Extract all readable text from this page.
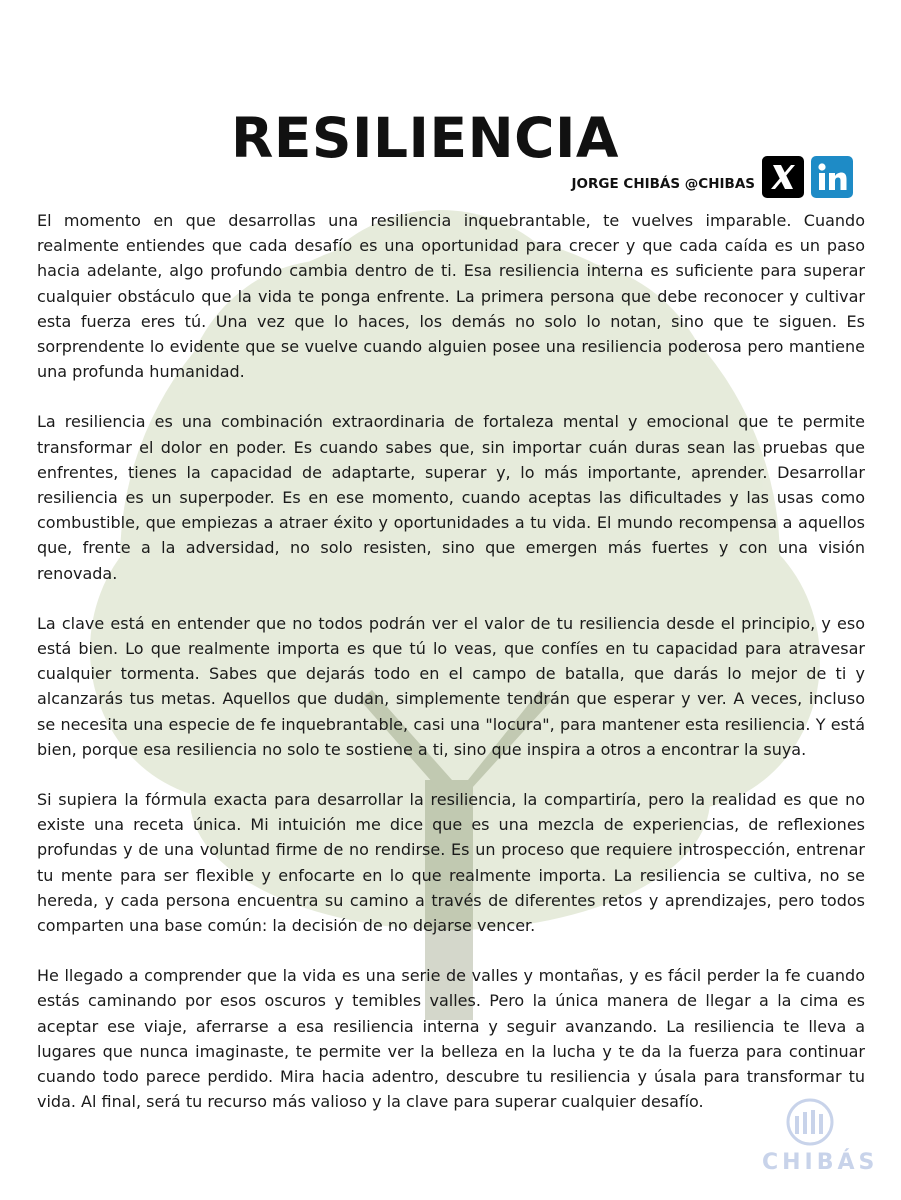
RESILIENCIA
JORGE CHIBÁS @CHIBAS

El momento en que desarrollas una resiliencia inquebrantable, te vuelves imparable. Cuando realmente entiendes que cada desafío es una oportunidad para crecer y que cada caída es un paso hacia adelante, algo profundo cambia dentro de ti. Esa resiliencia interna es suficiente para superar cualquier obstáculo que la vida te ponga enfrente. La primera persona que debe reconocer y cultivar esta fuerza eres tú. Una vez que lo haces, los demás no solo lo notan, sino que te siguen. Es sorprendente lo evidente que se vuelve cuando alguien posee una resiliencia poderosa pero mantiene una profunda humanidad.

La resiliencia es una combinación extraordinaria de fortaleza mental y emocional que te permite transformar el dolor en poder. Es cuando sabes que, sin importar cuán duras sean las pruebas que enfrentes, tienes la capacidad de adaptarte, superar y, lo más importante, aprender. Desarrollar resiliencia es un superpoder. Es en ese momento, cuando aceptas las dificultades y las usas como combustible, que empiezas a atraer éxito y oportunidades a tu vida. El mundo recompensa a aquellos que, frente a la adversidad, no solo resisten, sino que emergen más fuertes y con una visión renovada.

La clave está en entender que no todos podrán ver el valor de tu resiliencia desde el principio, y eso está bien. Lo que realmente importa es que tú lo veas, que confíes en tu capacidad para atravesar cualquier tormenta. Sabes que dejarás todo en el campo de batalla, que darás lo mejor de ti y alcanzarás tus metas. Aquellos que dudan, simplemente tendrán que esperar y ver. A veces, incluso se necesita una especie de fe inquebrantable, casi una "locura", para mantener esta resiliencia. Y está bien, porque esa resiliencia no solo te sostiene a ti, sino que inspira a otros a encontrar la suya.

Si supiera la fórmula exacta para desarrollar la resiliencia, la compartiría, pero la realidad es que no existe una receta única. Mi intuición me dice que es una mezcla de experiencias, de reflexiones profundas y de una voluntad firme de no rendirse. Es un proceso que requiere introspección, entrenar tu mente para ser flexible y enfocarte en lo que realmente importa. La resiliencia se cultiva, no se hereda, y cada persona encuentra su camino a través de diferentes retos y aprendizajes, pero todos comparten una base común: la decisión de no dejarse vencer.

He llegado a comprender que la vida es una serie de valles y montañas, y es fácil perder la fe cuando estás caminando por esos oscuros y temibles valles. Pero la única manera de llegar a la cima es aceptar ese viaje, aferrarse a esa resiliencia interna y seguir avanzando. La resiliencia te lleva a lugares que nunca imaginaste, te permite ver la belleza en la lucha y te da la fuerza para continuar cuando todo parece perdido. Mira hacia adentro, descubre tu resiliencia y úsala para transformar tu vida. Al final, será tu recurso más valioso y la clave para superar cualquier desafío.

CHIBÁS
